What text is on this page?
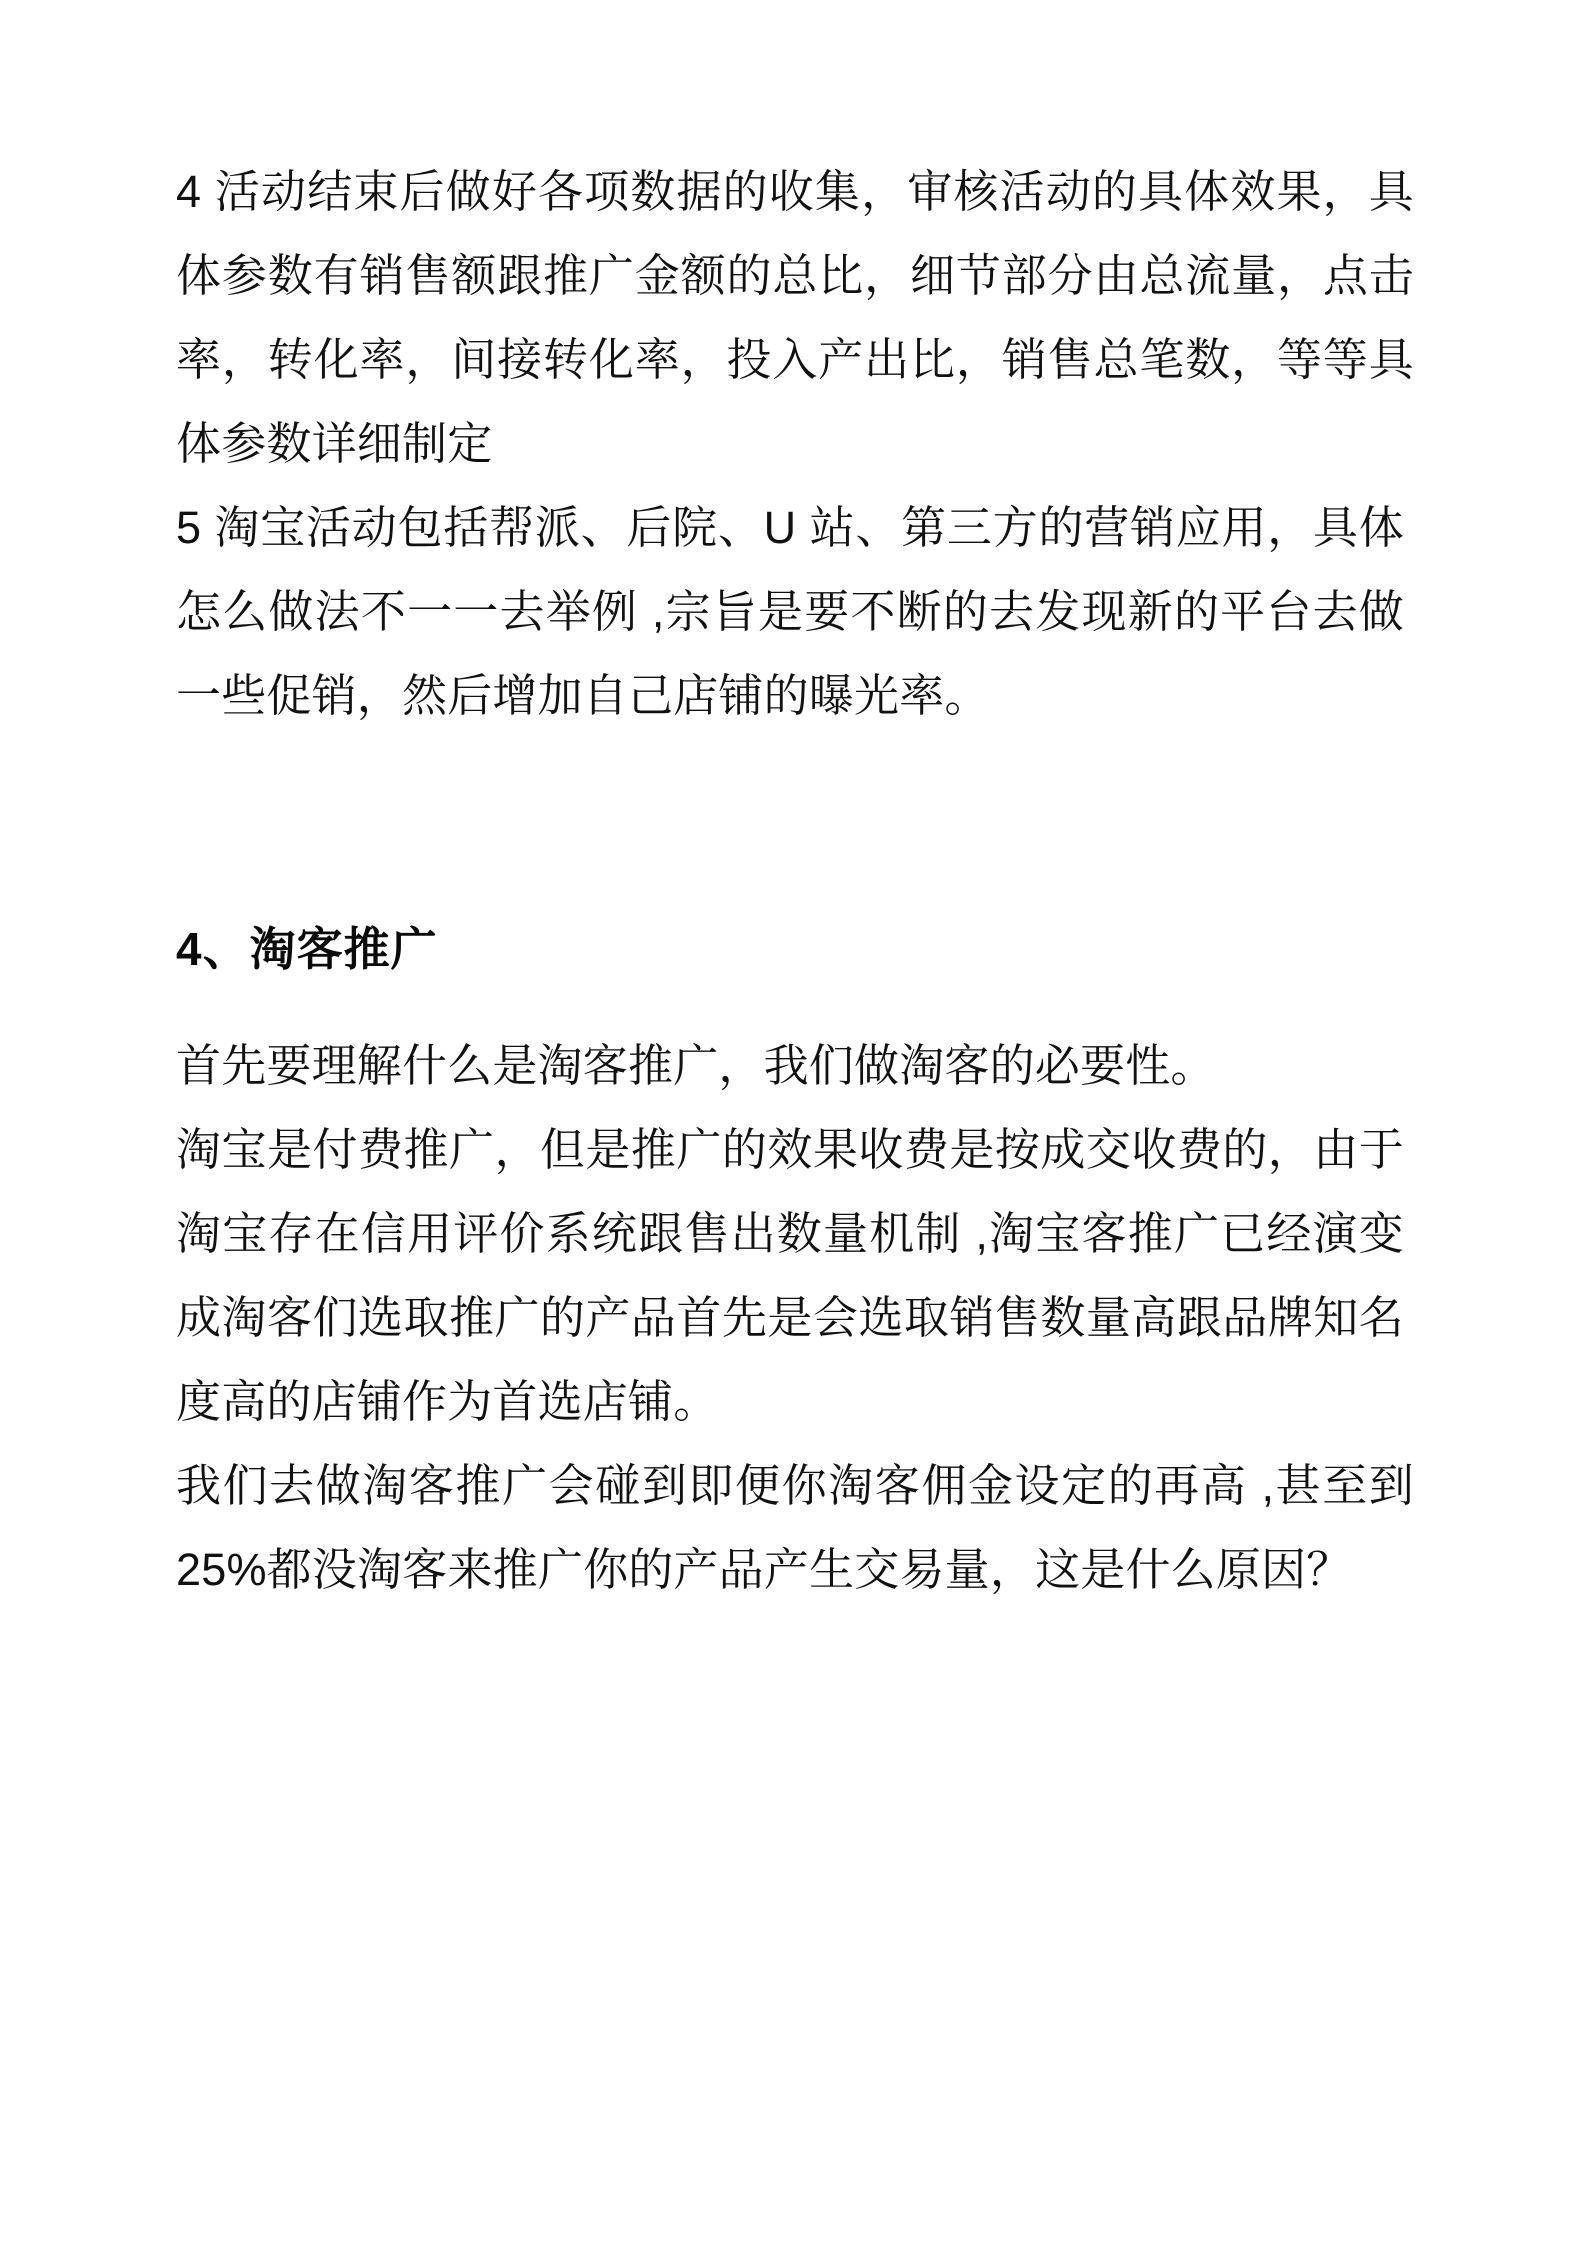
4 活动结束后做好各项数据的收集，审核活动的具体效果，具体参数有销售额跟推广金额的总比，细节部分由总流量，点击率，转化率，间接转化率，投入产出比，销售总笔数，等等具体参数详细制定

5 淘宝活动包括帮派、后院、U 站、第三方的营销应用，具体怎么做法不一一去举例 ,宗旨是要不断的去发现新的平台去做一些促销，然后增加自己店铺的曝光率。

4、淘客推广

首先要理解什么是淘客推广，我们做淘客的必要性。

淘宝是付费推广，但是推广的效果收费是按成交收费的，由于淘宝存在信用评价系统跟售出数量机制 ,淘宝客推广已经演变成淘客们选取推广的产品首先是会选取销售数量高跟品牌知名度高的店铺作为首选店铺。

我们去做淘客推广会碰到即便你淘客佣金设定的再高 ,甚至到 25%都没淘客来推广你的产品产生交易量，这是什么原因？
